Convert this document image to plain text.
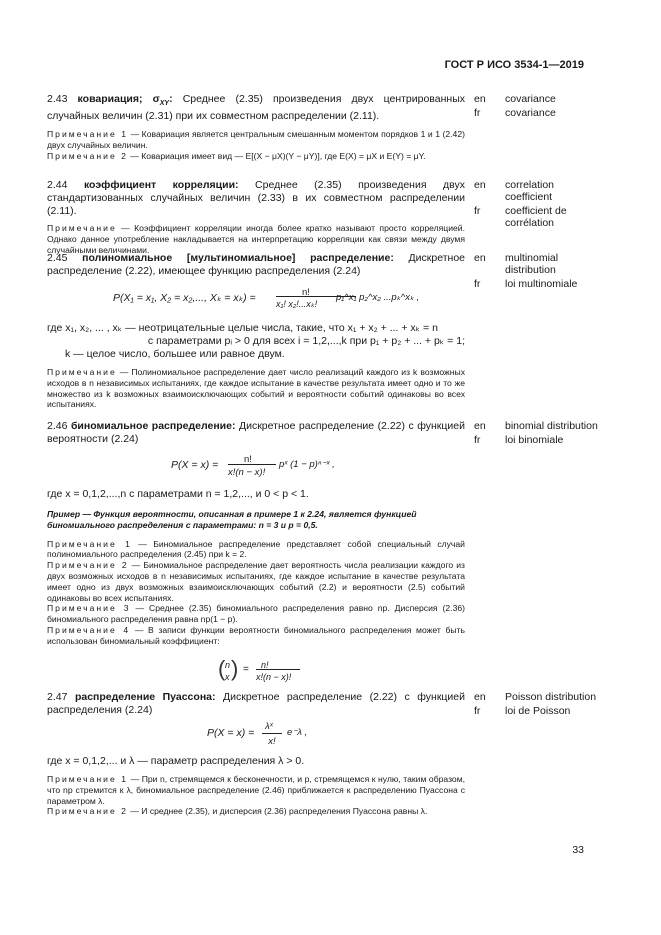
ГОСТ Р ИСО 3534-1—2019

2.43 ковариация; $\sigma_{XY}$: Среднее (2.35) произведения двух центрированных случайных величин (2.31) при их совместном распределении (2.11).

Примечание 1 — Ковариация является центральным смешанным моментом порядков 1 и 1 (2.42) двух случайных величин.

Примечание 2 — Ковариация имеет вид — E[(X − μX)(Y − μY)], где E(X) = μX и E(Y) = μY.

en covariance
fr covariance

2.44 коэффициент корреляции: Среднее (2.35) произведения двух стандартизованных случайных величин (2.33) в их совместном распределении (2.11).

Примечание — Коэффициент корреляции иногда более кратко называют просто корреляцией. Однако данное употребление накладывается на интерпретацию корреляции как связи между двумя случайными величинами.

en correlation coefficient
fr coefficient de corrélation

2.45 полиномиальное [мультиномиальное] распределение: Дискретное распределение (2.22), имеющее функцию распределения (2.24)

P(X₁ = x₁, X₂ = x₂,..., Xₖ = xₖ) =	n!
x₁! x₂!...xₖ!
p₁^x₁ p₂^x₂ ...pₖ^xₖ ,

где x₁, x₂, ... , xₖ — неотрицательные целые числа, такие, что x₁ + x₂ + ... + xₖ = n

с параметрами pᵢ > 0 для всех i = 1,2,...,k при p₁ + p₂ + ... + pₖ = 1;

k — целое число, большее или равное двум.

Примечание — Полиномиальное распределение дает число реализаций каждого из k возможных исходов в n независимых испытаниях, где каждое испытание в качестве результата имеет одно и то же множество из k возможных взаимоисключающих событий и вероятности событий одинаковы во всех испытаниях.

en multinomial distribution
fr loi multinomiale

2.46 биномиальное распределение: Дискретное распределение (2.22) с функцией вероятности (2.24)

P(X = x) =	n!
x!(n − x)!
pˣ (1 − p)ⁿ⁻ˣ ,

где x = 0,1,2,...,n с параметрами n = 1,2,..., и 0 < p < 1.

Пример — Функция вероятности, описанная в примере 1 к 2.24, является функцией биномиального распределения с параметрами: n = 3 и p = 0,5.

Примечание 1 — Биномиальное распределение представляет собой специальный случай полиномиального распределения (2.45) при k = 2.

Примечание 2 — Биномиальное распределение дает вероятность числа реализации каждого из двух возможных исходов в n независимых испытаниях, где каждое испытание в качестве результата имеет одно из двух возможных взаимоисключающих событий (2.2) и вероятности (2.5) событий одинаковы во всех испытаниях.

Примечание 3 — Среднее (2.35) биномиального распределения равно np. Дисперсия (2.36) биномиального распределения равна np(1 − p).

Примечание 4 — В записи функции вероятности биномиального распределения может быть использован биномиальный коэффициент:

( n
x ) = n!
x!(n − x)!
en binomial distribution
fr loi binomiale

2.47 распределение Пуассона: Дискретное распределение (2.22) с функцией распределения (2.24)

P(X = x) =
λˣ
x!
e⁻λ ,

где x = 0,1,2,... и λ — параметр распределения λ > 0.

Примечание 1 — При n, стремящемся к бесконечности, и p, стремящемся к нулю, таким образом, что np стремится к λ, биномиальное распределение (2.46) приближается к распределению Пуассона с параметром λ.

Примечание 2 — И среднее (2.35), и дисперсия (2.36) распределения Пуассона равны λ.

en Poisson distribution
fr loi de Poisson
33
